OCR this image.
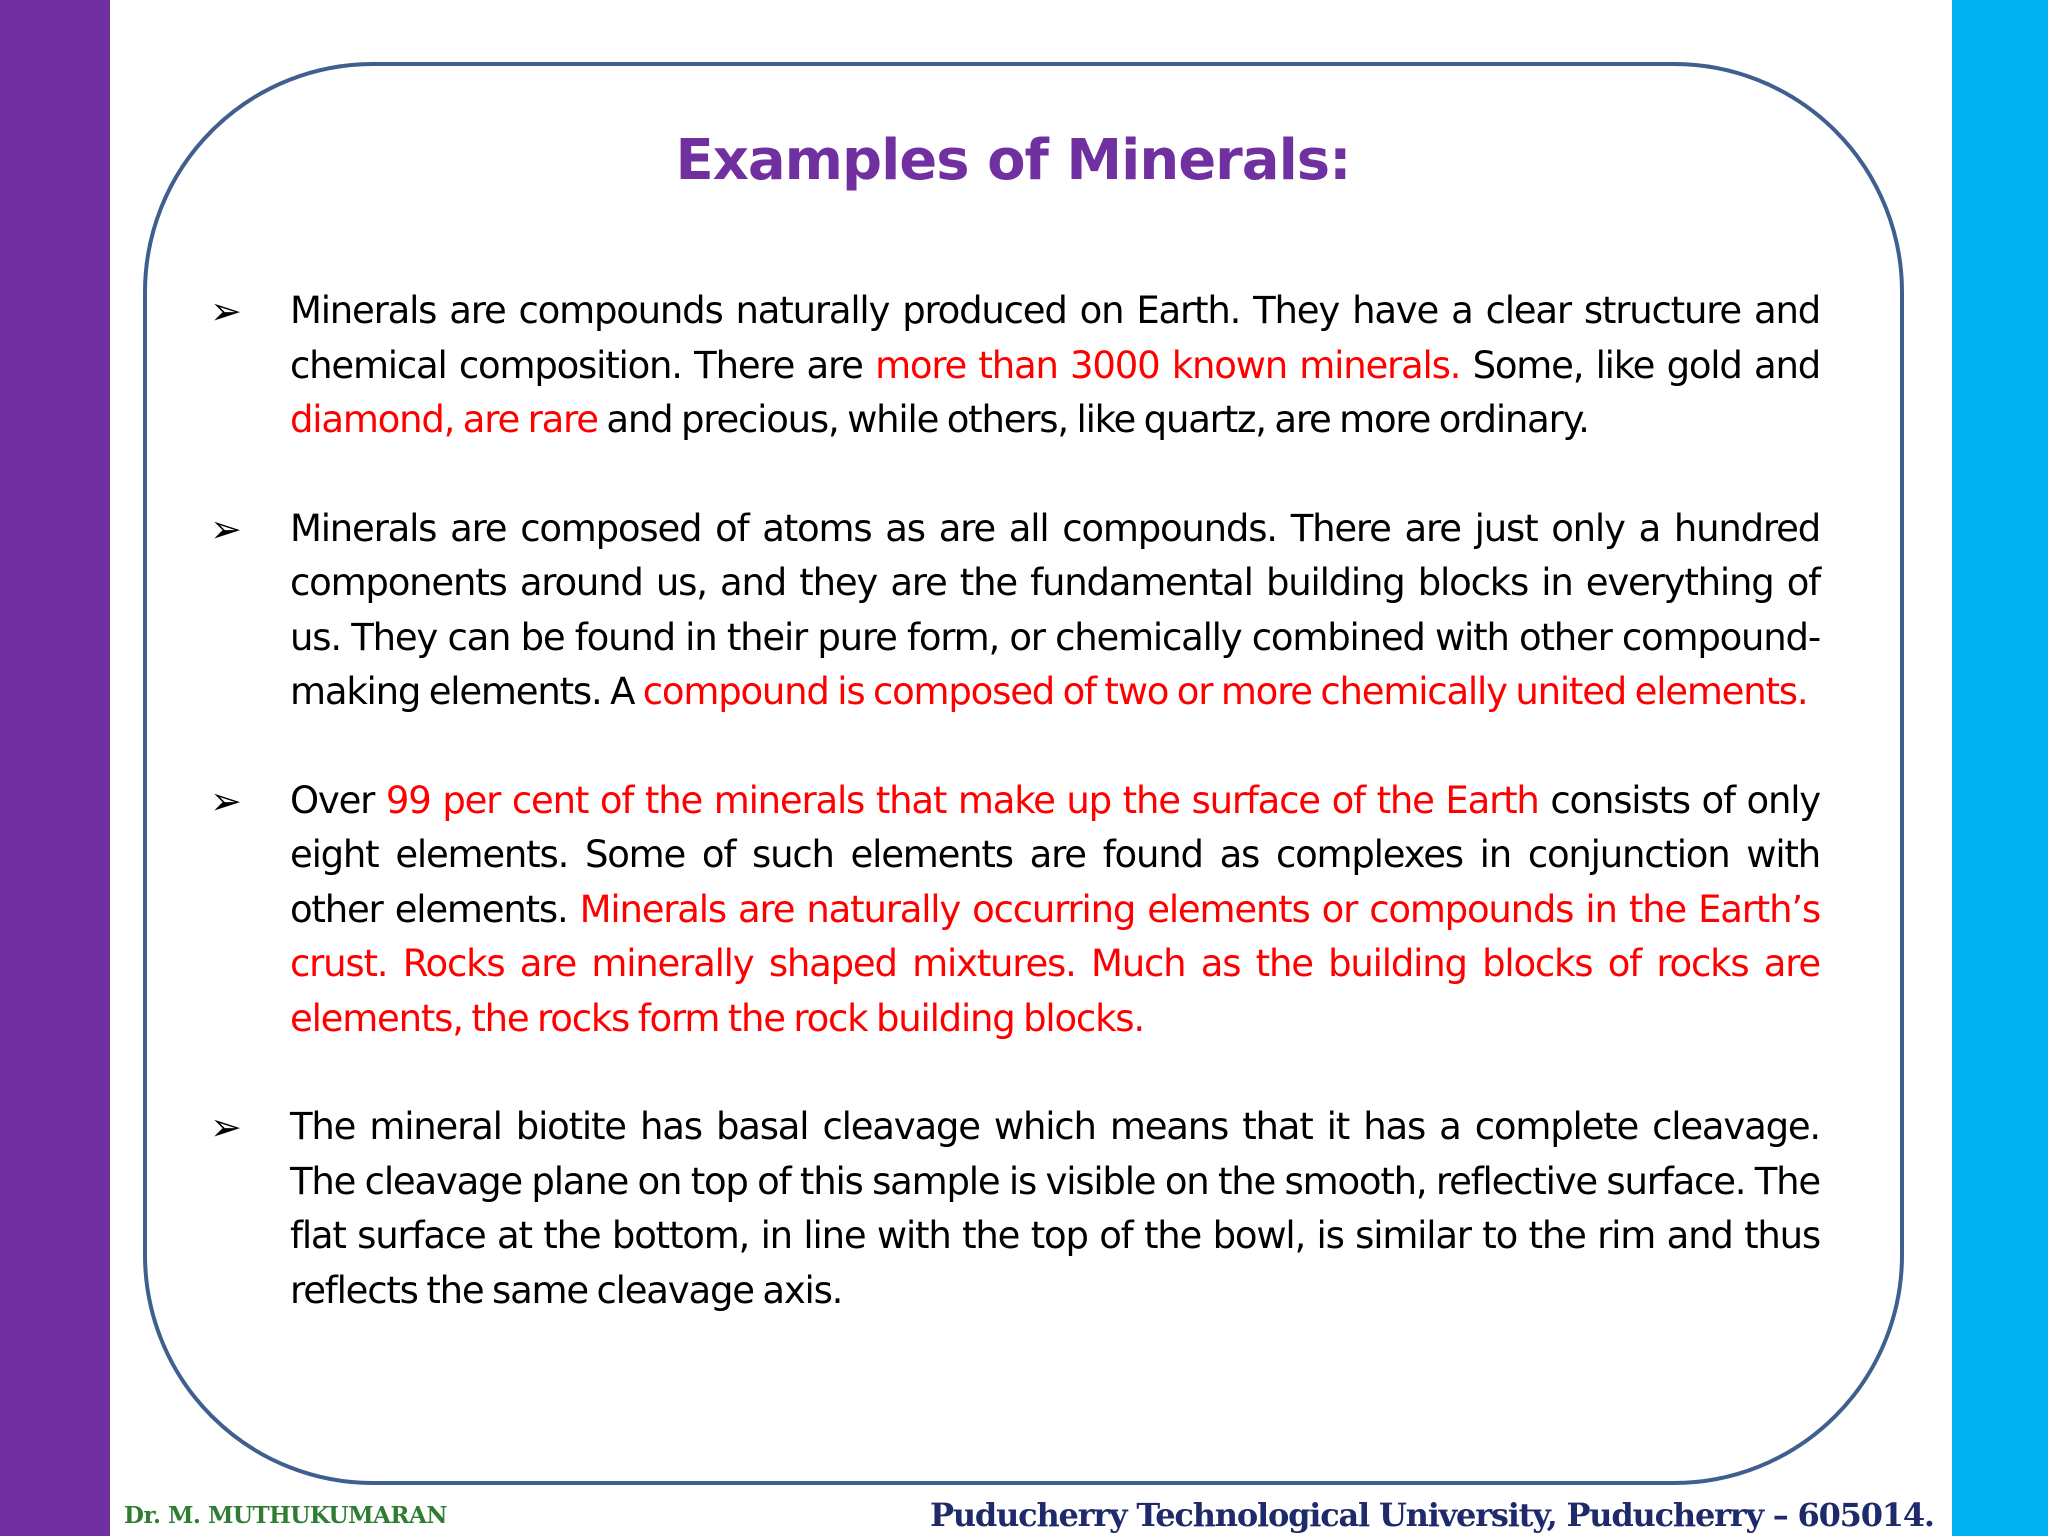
Examples of Minerals:
➢ Minerals are compounds naturally produced on Earth. They have a clear structure and chemical composition. There are more than 3000 known minerals. Some, like gold and diamond, are rare and precious, while others, like quartz, are more ordinary.

➢ Minerals are composed of atoms as are all compounds. There are just only a hundred components around us, and they are the fundamental building blocks in everything of us. They can be found in their pure form, or chemically combined with other compound-making elements. A compound is composed of two or more chemically united elements.

➢ Over 99 per cent of the minerals that make up the surface of the Earth consists of only eight elements. Some of such elements are found as complexes in conjunction with other elements. Minerals are naturally occurring elements or compounds in the Earth’s crust. Rocks are minerally shaped mixtures. Much as the building blocks of rocks are elements, the rocks form the rock building blocks.

➢ The mineral biotite has basal cleavage which means that it has a complete cleavage. The cleavage plane on top of this sample is visible on the smooth, reflective surface. The flat surface at the bottom, in line with the top of the bowl, is similar to the rim and thus reflects the same cleavage axis.

Dr. M. MUTHUKUMARAN	Puducherry Technological University, Puducherry – 605014.
